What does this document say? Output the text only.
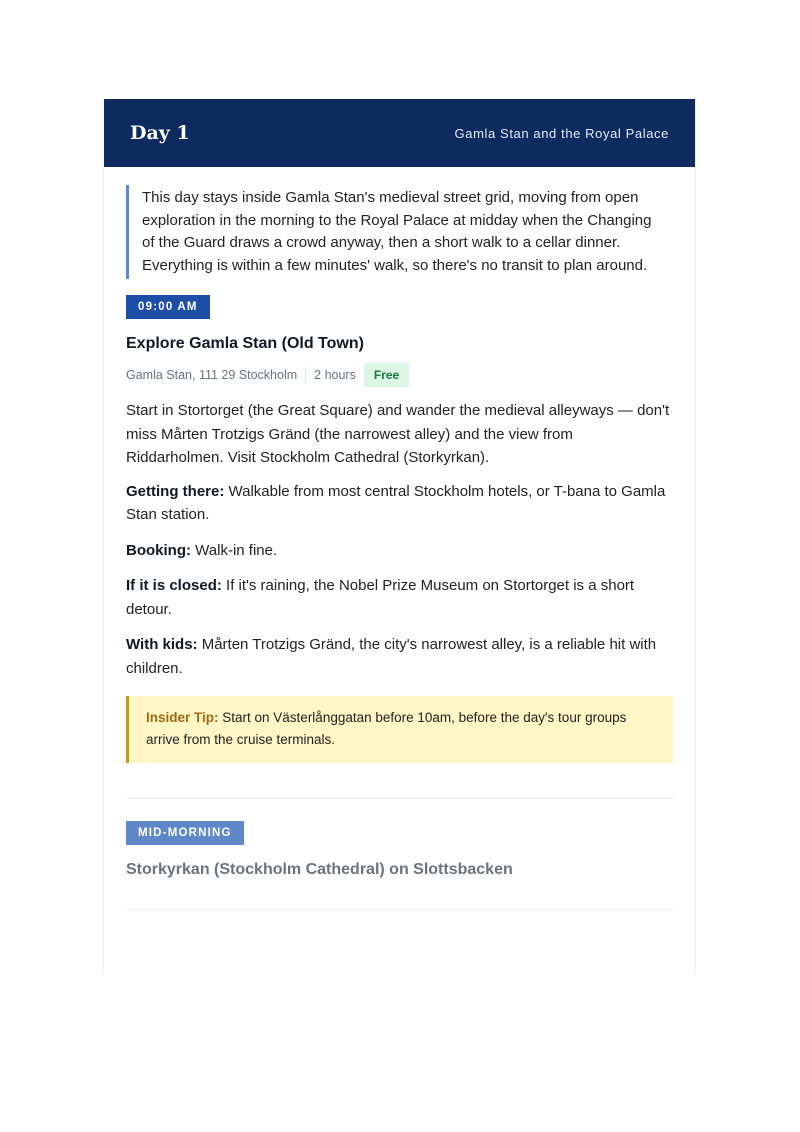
Day 1	Gamla Stan and the Royal Palace
This day stays inside Gamla Stan's medieval street grid, moving from open exploration in the morning to the Royal Palace at midday when the Changing of the Guard draws a crowd anyway, then a short walk to a cellar dinner. Everything is within a few minutes' walk, so there's no transit to plan around.
09:00 AM
Explore Gamla Stan (Old Town)
Gamla Stan, 111 29 Stockholm 2 hours	Free

Start in Stortorget (the Great Square) and wander the medieval alleyways — don't miss Mårten Trotzigs Gränd (the narrowest alley) and the view from Riddarholmen. Visit Stockholm Cathedral (Storkyrkan).

Getting there: Walkable from most central Stockholm hotels, or T-bana to Gamla Stan station.

Booking: Walk-in fine.

If it is closed: If it's raining, the Nobel Prize Museum on Stortorget is a short detour.

With kids: Mårten Trotzigs Gränd, the city's narrowest alley, is a reliable hit with children.

Insider Tip: Start on Västerlånggatan before 10am, before the day's tour groups arrive from the cruise terminals.
MID-MORNING
Storkyrkan (Stockholm Cathedral) on Slottsbacken
